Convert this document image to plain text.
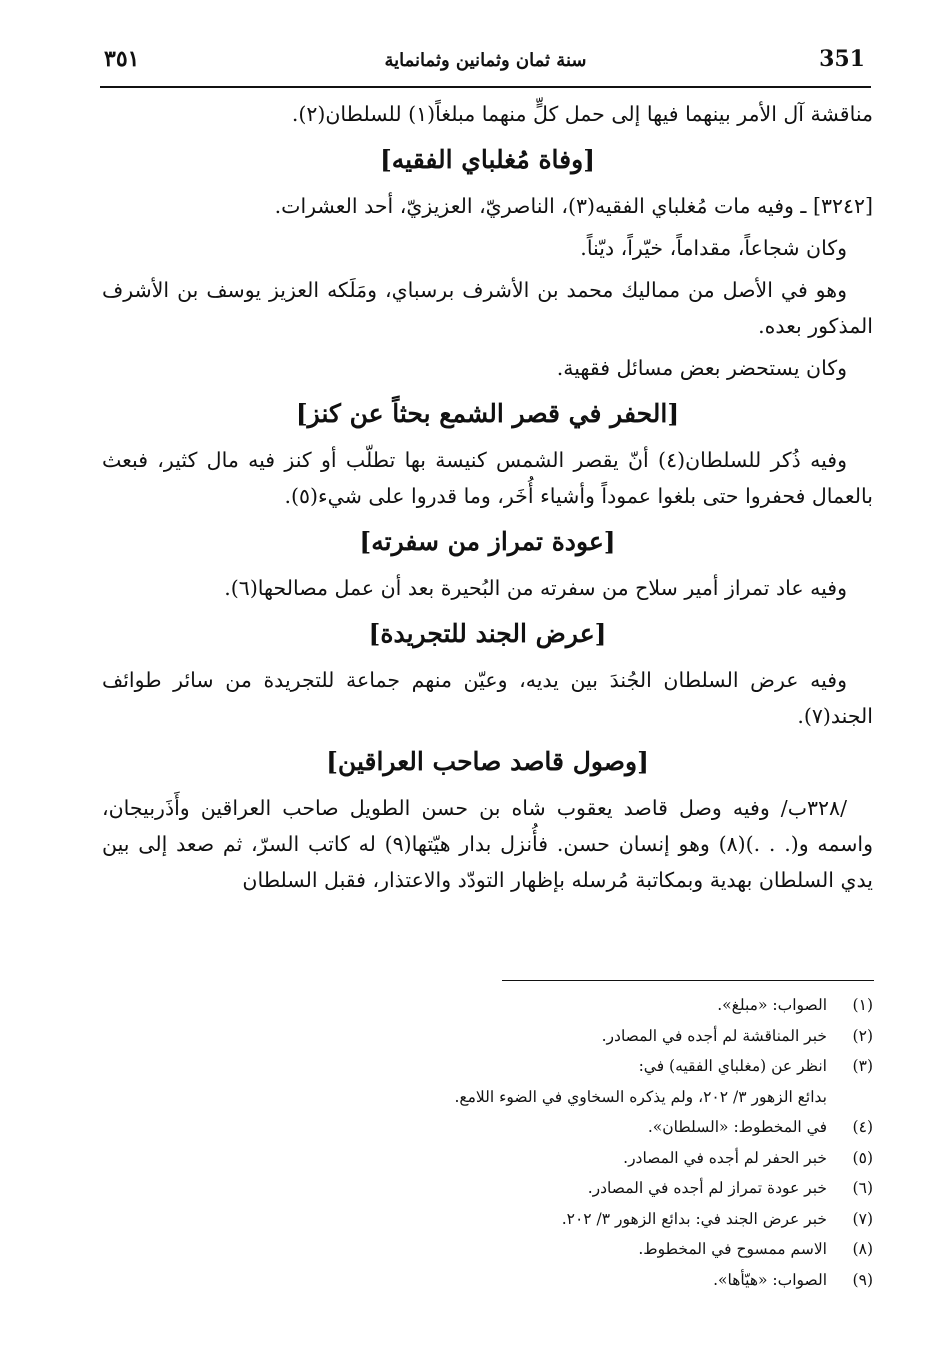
351
سنة ثمان وثمانين وثمانماية
٣٥١

مناقشة آل الأمر بينهما فيها إلى حمل كلٍّ منهما مبلغاً(١) للسلطان(٢).

[وفاة مُغلباي الفقيه]

[٣٢٤٢] ـ وفيه مات مُغلباي الفقيه(٣)، الناصريّ، العزيزيّ، أحد العشرات.

وكان شجاعاً، مقداماً، خيّراً، ديّناً.

وهو في الأصل من مماليك محمد بن الأشرف برسباي، ومَلَكه العزيز يوسف بن الأشرف المذكور بعده.

وكان يستحضر بعض مسائل فقهية.

[الحفر في قصر الشمع بحثاً عن كنز]

وفيه ذُكر للسلطان(٤) أنّ يقصر الشمس كنيسة بها تطلّب أو كنز فيه مال كثير، فبعث بالعمال فحفروا حتى بلغوا عموداً وأشياء أُخَر، وما قدروا على شيء(٥).

[عودة تمراز من سفرته]

وفيه عاد تمراز أمير سلاح من سفرته من البُحيرة بعد أن عمل مصالحها(٦).

[عرض الجند للتجريدة]

وفيه عرض السلطان الجُندَ بين يديه، وعيّن منهم جماعة للتجريدة من سائر طوائف الجند(٧).

[وصول قاصد صاحب العراقين]

/٣٢٨ب/ وفيه وصل قاصد يعقوب شاه بن حسن الطويل صاحب العراقين وأَذَربيجان، واسمه و(. . .)(٨) وهو إنسان حسن. فأُنزل بدار هيّتها(٩) له كاتب السرّ، ثم صعد إلى بين يدي السلطان بهدية وبمكاتبة مُرسله بإظهار التودّد والاعتذار، فقبل السلطان

(١)
الصواب: «مبلغ».
(٢)
خبر المناقشة لم أجده في المصادر.
(٣)
انظر عن (مغلباي الفقيه) في:
بدائع الزهور ٣/ ٢٠٢، ولم يذكره السخاوي في الضوء اللامع.
(٤)
في المخطوط: «السلطان».
(٥)
خبر الحفر لم أجده في المصادر.
(٦)
خبر عودة تمراز لم أجده في المصادر.
(٧)
خبر عرض الجند في: بدائع الزهور ٣/ ٢٠٢.
(٨)
الاسم ممسوح في المخطوط.
(٩)
الصواب: «هيّأها».
